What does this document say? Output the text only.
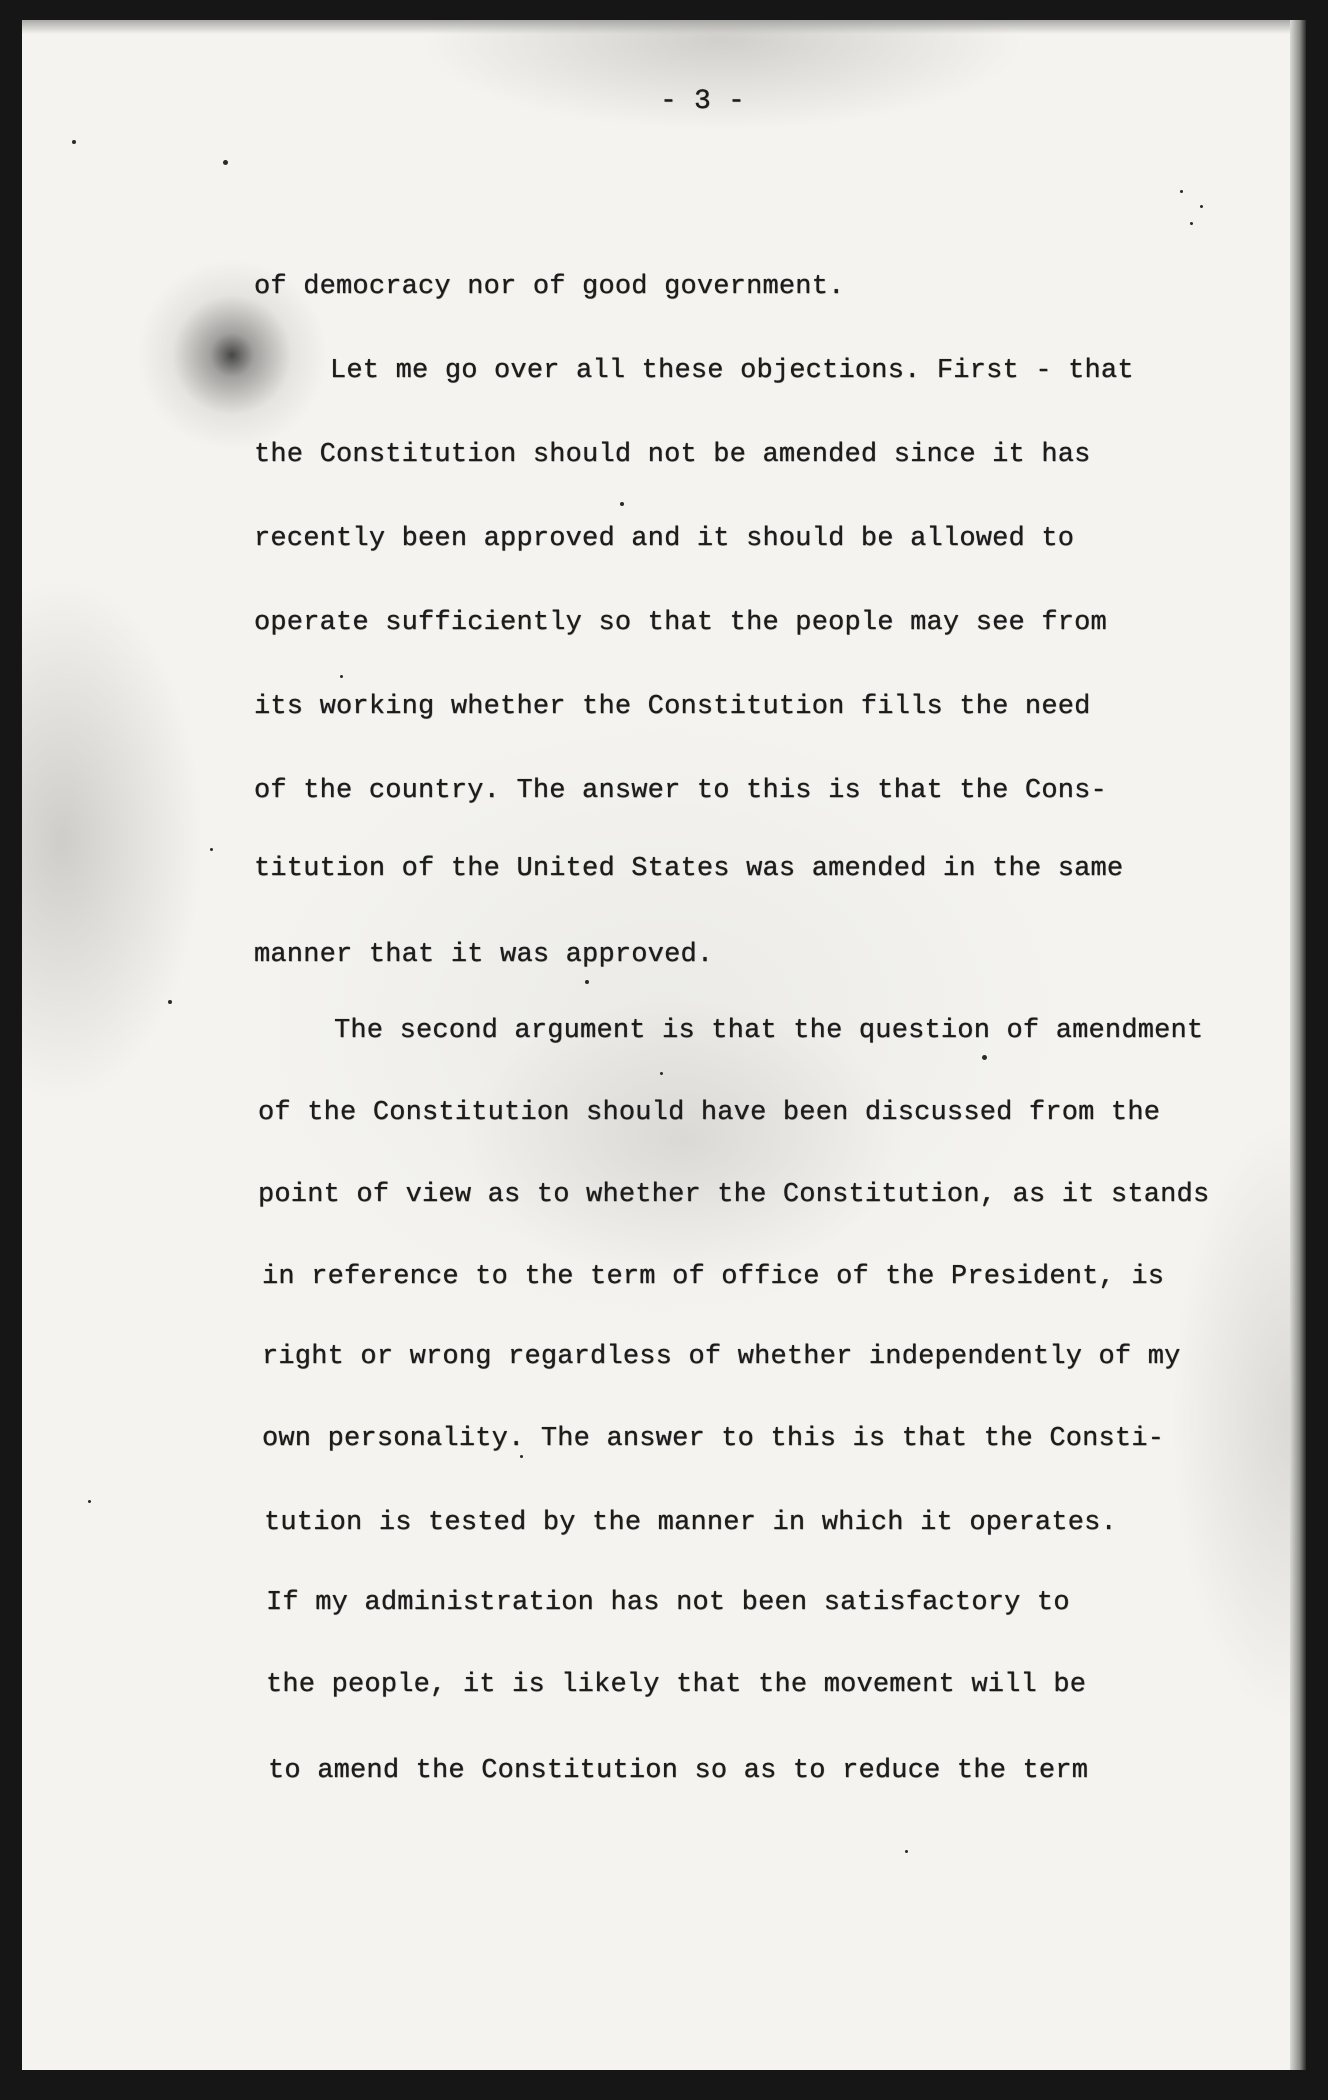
- 3 -
of democracy nor of good government.
Let me go over all these objections. First - that
the Constitution should not be amended since it has
recently been approved and it should be allowed to
operate sufficiently so that the people may see from
its working whether the Constitution fills the need
of the country. The answer to this is that the Cons-
titution of the United States was amended in the same
manner that it was approved.
The second argument is that the question of amendment
of the Constitution should have been discussed from the
point of view as to whether the Constitution, as it stands
in reference to the term of office of the President, is
right or wrong regardless of whether independently of my
own personality. The answer to this is that the Consti-
tution is tested by the manner in which it operates.
If my administration has not been satisfactory to
the people, it is likely that the movement will be
to amend the Constitution so as to reduce the term
